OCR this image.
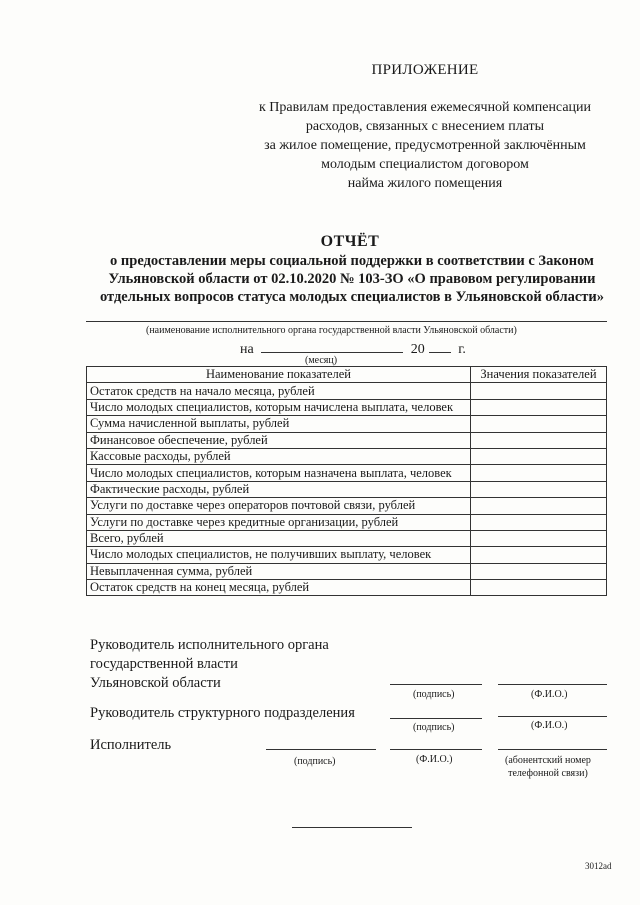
ПРИЛОЖЕНИЕ
к Правилам предоставления ежемесячной компенсации
расходов, связанных с внесением платы
за жилое помещение, предусмотренной заключённым
молодым специалистом договором
найма жилого помещения
ОТЧЁТ
о предоставлении меры социальной поддержки в соответствии с Законом
Ульяновской области от 02.10.2020 № 103-ЗО «О правовом регулировании
отдельных вопросов статуса молодых специалистов в Ульяновской области»
(наименование исполнительного органа государственной власти Ульяновской области)
на	20 г.
(месяц)
Наименование показателей	Значения показателей
Остаток средств на начало месяца, рублей	
Число молодых специалистов, которым начислена выплата, человек	
Сумма начисленной выплаты, рублей	
Финансовое обеспечение, рублей	
Кассовые расходы, рублей	
Число молодых специалистов, которым назначена выплата, человек	
Фактические расходы, рублей	
Услуги по доставке через операторов почтовой связи, рублей	
Услуги по доставке через кредитные организации, рублей	
Всего, рублей	
Число молодых специалистов, не получивших выплату, человек	
Невыплаченная сумма, рублей	
Остаток средств на конец месяца, рублей	
Руководитель исполнительного органа
государственной власти
Ульяновской области
(подпись)	(Ф.И.О.)
Руководитель структурного подразделения
(подпись)	(Ф.И.О.)
Исполнитель
(подпись)	(Ф.И.О.)	(абонентский номер
телефонной связи)
3012ad
